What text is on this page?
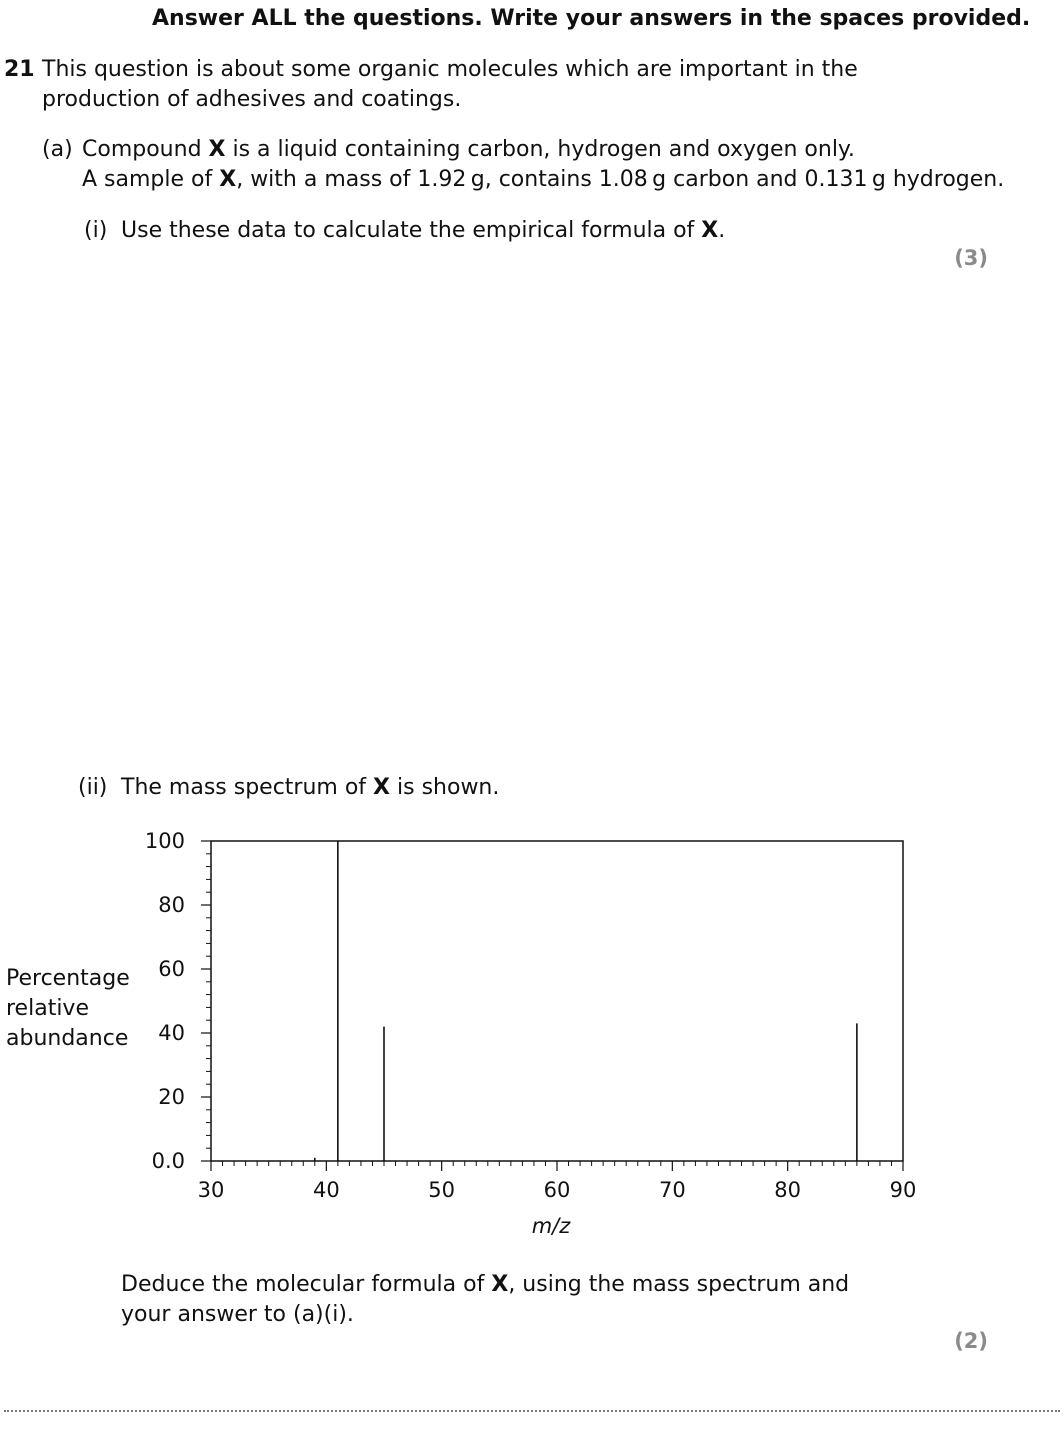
Answer ALL the questions. Write your answers in the spaces provided.
21 This question is about some organic molecules which are important in the
production of adhesives and coatings.
(a) Compound X is a liquid containing carbon, hydrogen and oxygen only.
A sample of X, with a mass of 1.92 g, contains 1.08 g carbon and 0.131 g hydrogen.
(i) Use these data to calculate the empirical formula of X.
(3)
(ii) The mass spectrum of X is shown.
Percentage
relative
abundance
30	40	50	60	70	80	90
0.0
20
40
60
80
100
m/z
Deduce the molecular formula of X, using the mass spectrum and
your answer to (a)(i).
(2)
